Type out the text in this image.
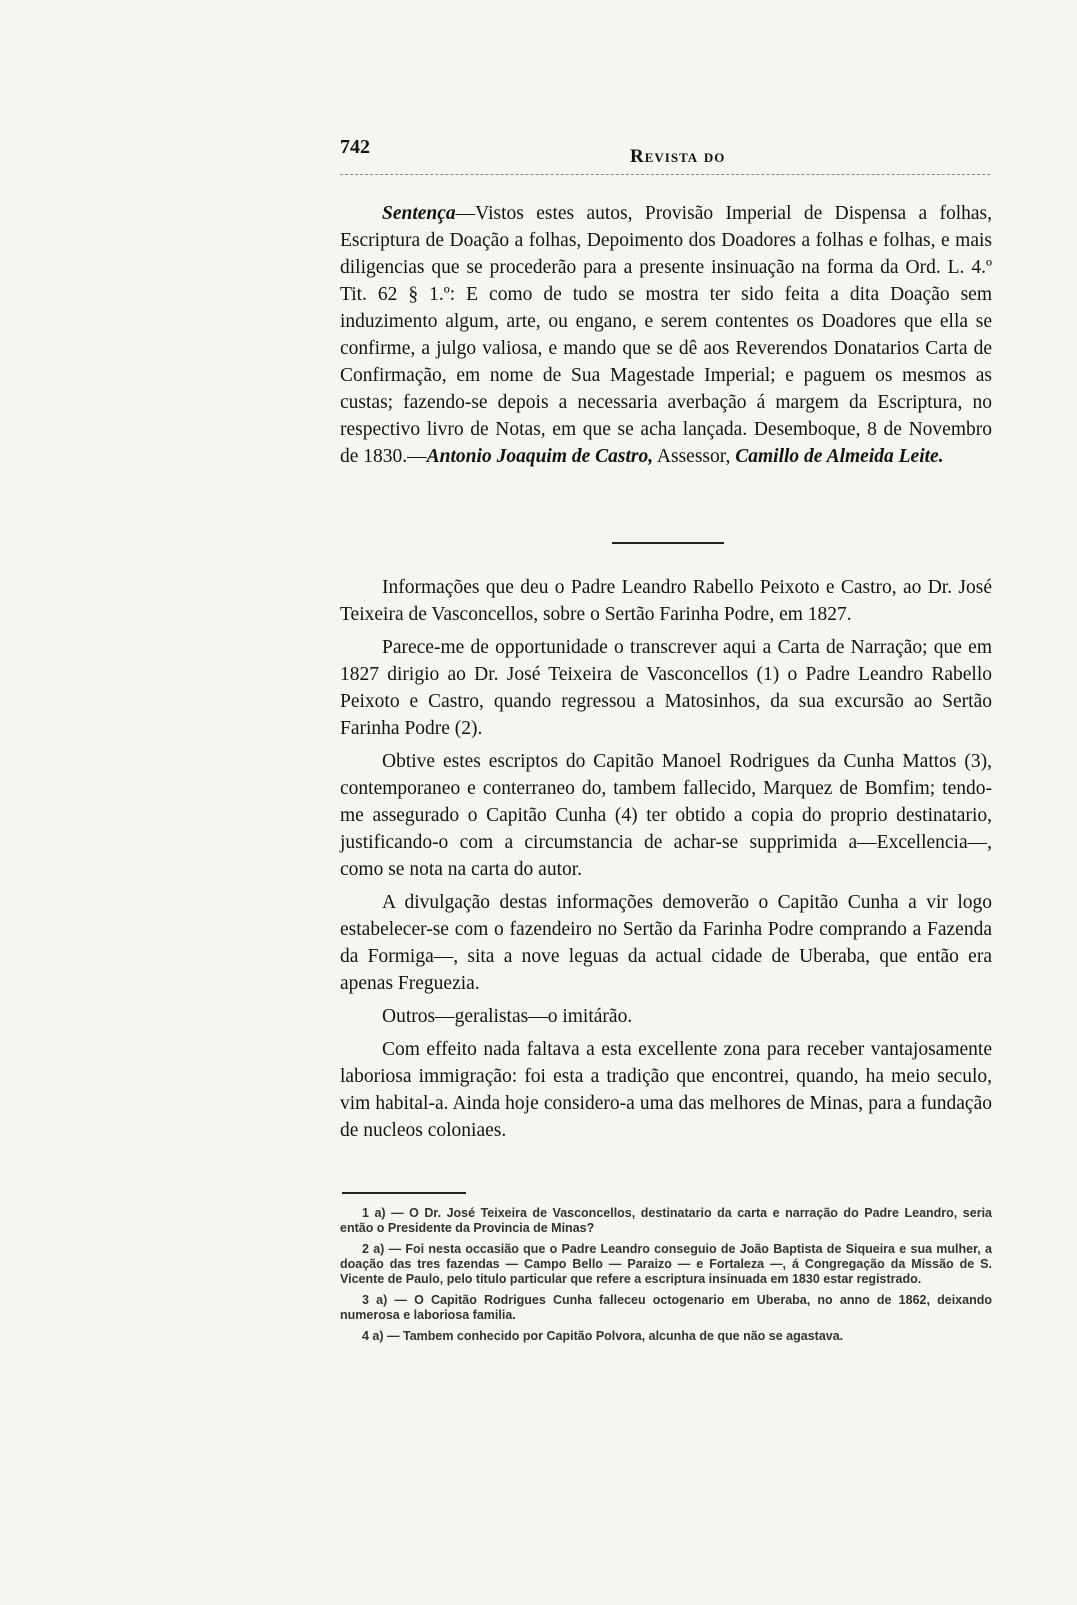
742	Revista do

Sentença—Vistos estes autos, Provisão Imperial de Dispensa a folhas, Escriptura de Doação a folhas, Depoimento dos Doadores a folhas e folhas, e mais diligencias que se procederão para a presente insinuação na forma da Ord. L. 4.º Tit. 62 § 1.º: E como de tudo se mostra ter sido feita a dita Doação sem induzimento algum, arte, ou engano, e serem contentes os Doadores que ella se confirme, a julgo valiosa, e mando que se dê aos Reverendos Donatarios Carta de Confirmação, em nome de Sua Magestade Imperial; e paguem os mesmos as custas; fazendo-se depois a necessaria averbação á margem da Escriptura, no respectivo livro de Notas, em que se acha lançada. Desemboque, 8 de Novembro de 1830.—Antonio Joaquim de Castro, Assessor, Camillo de Almeida Leite.

Informações que deu o Padre Leandro Rabello Peixoto e Castro, ao Dr. José Teixeira de Vasconcellos, sobre o Sertão Farinha Podre, em 1827.

Parece-me de opportunidade o transcrever aqui a Carta de Narração; que em 1827 dirigio ao Dr. José Teixeira de Vasconcellos (1) o Padre Leandro Rabello Peixoto e Castro, quando regressou a Matosinhos, da sua excursão ao Sertão Farinha Podre (2).

Obtive estes escriptos do Capitão Manoel Rodrigues da Cunha Mattos (3), contemporaneo e conterraneo do, tambem fallecido, Marquez de Bomfim; tendo-me assegurado o Capitão Cunha (4) ter obtido a copia do proprio destinatario, justificando-o com a circumstancia de achar-se supprimida a—Excellencia—, como se nota na carta do autor.

A divulgação destas informações demoverão o Capitão Cunha a vir logo estabelecer-se com o fazendeiro no Sertão da Farinha Podre comprando a Fazenda da Formiga—, sita a nove leguas da actual cidade de Uberaba, que então era apenas Freguezia.

Outros—geralistas—o imitárão.

Com effeito nada faltava a esta excellente zona para receber vantajosamente laboriosa immigração: foi esta a tradição que encontrei, quando, ha meio seculo, vim habital-a. Ainda hoje considero-a uma das melhores de Minas, para a fundação de nucleos coloniaes.

1 a) — O Dr. José Teixeira de Vasconcellos, destinatario da carta e narração do Padre Leandro, seria então o Presidente da Provincia de Minas?

2 a) — Foi nesta occasião que o Padre Leandro conseguio de João Baptista de Siqueira e sua mulher, a doação das tres fazendas — Campo Bello — Paraizo — e Fortaleza —, á Congregação da Missão de S. Vicente de Paulo, pelo titulo particular que refere a escriptura insinuada em 1830 estar registrado.

3 a) — O Capitão Rodrigues Cunha falleceu octogenario em Uberaba, no anno de 1862, deixando numerosa e laboriosa familia.

4 a) — Tambem conhecido por Capitão Polvora, alcunha de que não se agastava.
